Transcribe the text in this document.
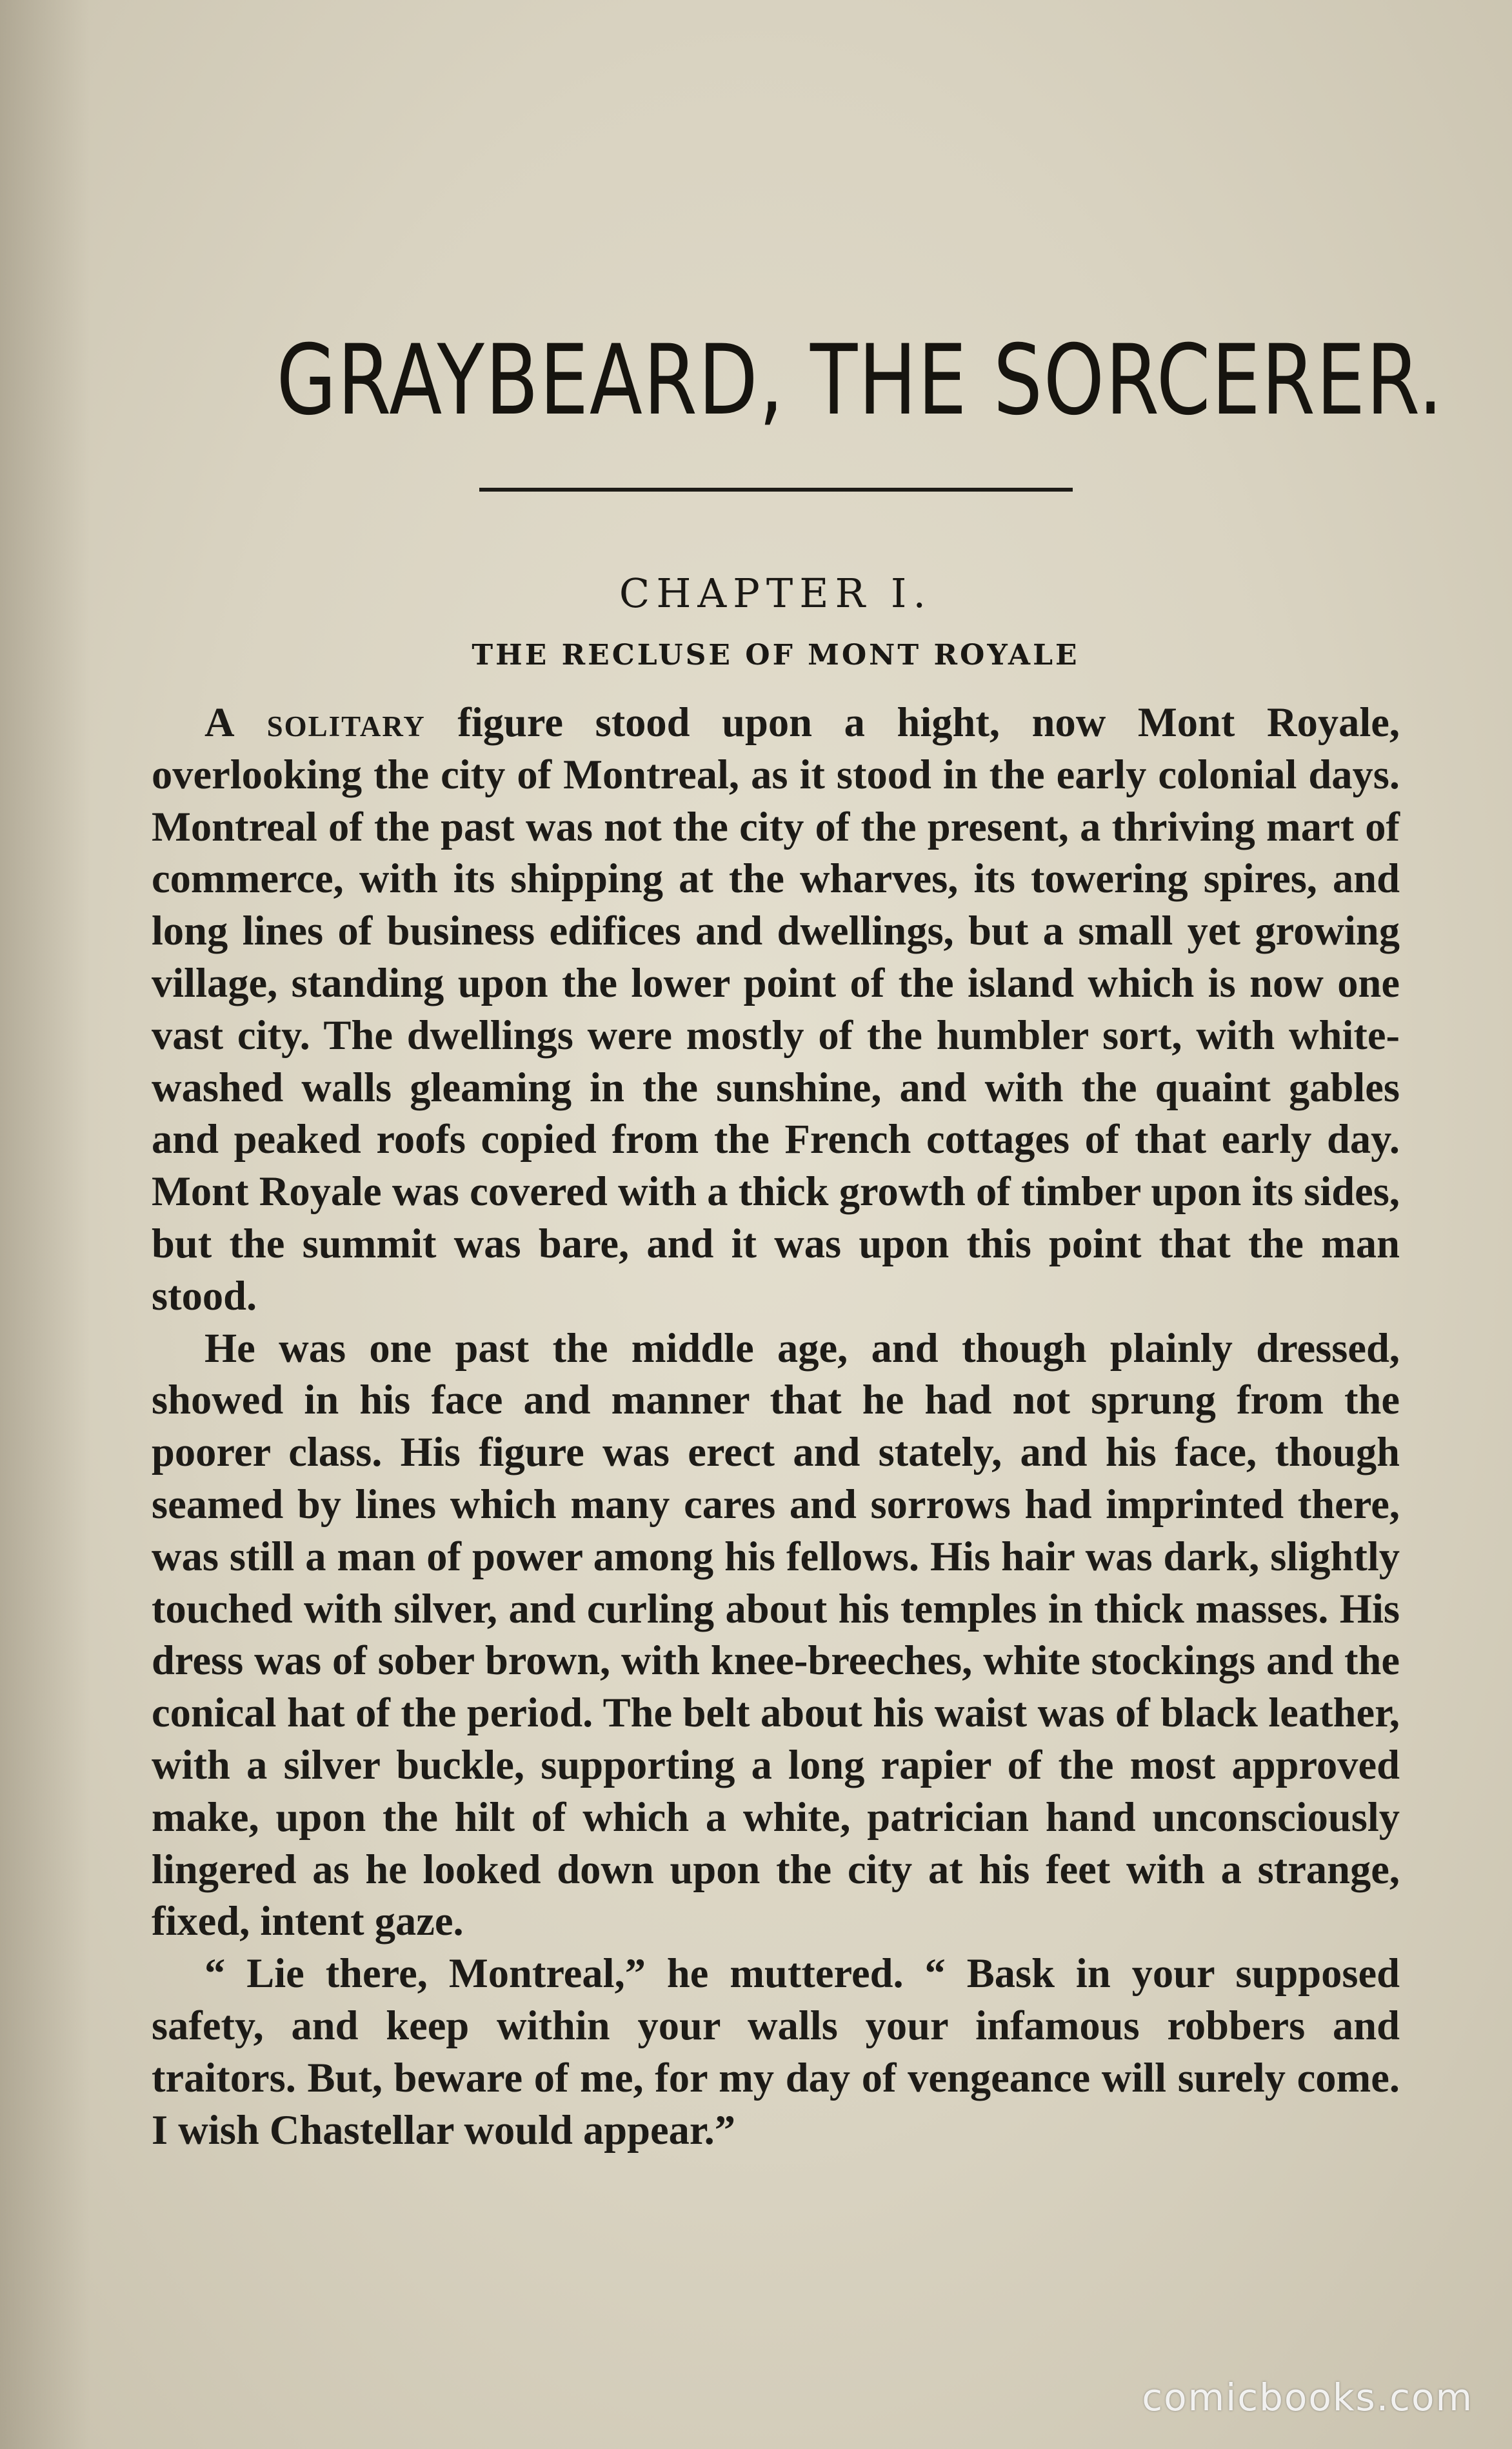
GRAYBEARD, THE SORCERER.
CHAPTER I.
THE RECLUSE OF MONT ROYALE

A solitary figure stood upon a hight, now Mont Royale, overlooking the city of Montreal, as it stood in the early colonial days. Montreal of the past was not the city of the present, a thriving mart of commerce, with its shipping at the wharves, its towering spires, and long lines of business edifices and dwellings, but a small yet growing village, standing upon the lower point of the island which is now one vast city. The dwellings were mostly of the humbler sort, with white-washed walls gleaming in the sunshine, and with the quaint gables and peaked roofs copied from the French cottages of that early day. Mont Royale was covered with a thick growth of timber upon its sides, but the summit was bare, and it was upon this point that the man stood.

He was one past the middle age, and though plainly dressed, showed in his face and manner that he had not sprung from the poorer class. His figure was erect and stately, and his face, though seamed by lines which many cares and sorrows had imprinted there, was still a man of power among his fellows. His hair was dark, slightly touched with silver, and curling about his temples in thick masses. His dress was of sober brown, with knee-breeches, white stockings and the conical hat of the period. The belt about his waist was of black leather, with a silver buckle, supporting a long rapier of the most approved make, upon the hilt of which a white, patrician hand unconsciously lingered as he looked down upon the city at his feet with a strange, fixed, intent gaze.

“ Lie there, Montreal,” he muttered. “ Bask in your supposed safety, and keep within your walls your infamous robbers and traitors. But, beware of me, for my day of vengeance will surely come. I wish Chastellar would appear.”

comicbooks.com
